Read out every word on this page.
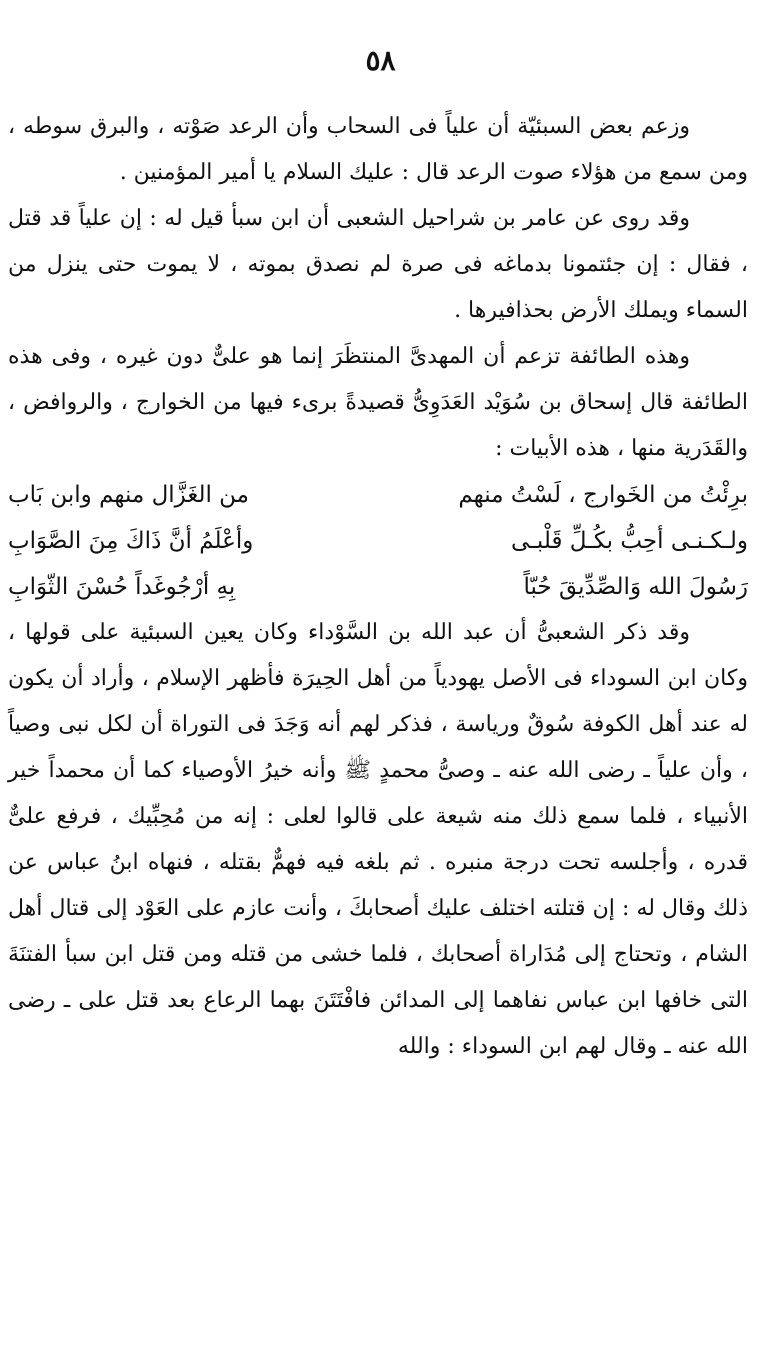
٥٨

وزعم بعض السبئيّة أن علياً فى السحاب وأن الرعد صَوْته ، والبرق سوطه ، ومن سمع من هؤلاء صوت الرعد قال : عليك السلام يا أمير المؤمنين .

وقد روى عن عامر بن شراحيل الشعبى أن ابن سبأ قيل له : إن علياً قد قتل ، فقال : إن جئتمونا بدماغه فى صرة لم نصدق بموته ، لا يموت حتى ينزل من السماء ويملك الأرض بحذافيرها .

وهذه الطائفة تزعم أن المهدىَّ المنتظَرَ إنما هو علىٌّ دون غيره ، وفى هذه الطائفة قال إسحاق بن سُوَيْد العَدَوِىُّ قصيدةً برىء فيها من الخوارج ، والروافض ، والقَدَرية منها ، هذه الأبيات :

برِئْتُ من الخَوارج ، لَسْتُ منهم
من الغَزَّال منهم وابن بَاب
ولـكـنـى أحِبُّ بكُـلِّ قَلْبـى
وأعْلَمُ أنَّ ذَاكَ مِنَ الصَّوَابِ
رَسُولَ الله وَالصِّدِّيقَ حُبّاً
بِهِ أرْجُوغَداً حُسْنَ الثّوَابِ

وقد ذكر الشعبىُّ أن عبد الله بن السَّوْداء وكان يعين السبئية على قولها ، وكان ابن السوداء فى الأصل يهودياً من أهل الحِيرَة فأظهر الإسلام ، وأراد أن يكون له عند أهل الكوفة سُوقٌ ورياسة ، فذكر لهم أنه وَجَدَ فى التوراة أن لكل نبى وصياً ، وأن علياً ـ رضى الله عنه ـ وصىُّ محمدٍ ﷺ وأنه خيرُ الأوصياء كما أن محمداً خير الأنبياء ، فلما سمع ذلك منه شيعة على قالوا لعلى : إنه من مُحِبِّيك ، فرفع علىٌّ قدره ، وأجلسه تحت درجة منبره . ثم بلغه فيه فهمٌّ بقتله ، فنهاه ابنُ عباس عن ذلك وقال له : إن قتلته اختلف عليك أصحابكَ ، وأنت عازم على العَوْد إلى قتال أهل الشام ، وتحتاج إلى مُدَاراة أصحابك ، فلما خشى من قتله ومن قتل ابن سبأ الفتنَةَ التى خافها ابن عباس نفاهما إلى المدائن فافْتَتَنَ بهما الرعاع بعد قتل على ـ رضى الله عنه ـ وقال لهم ابن السوداء : والله
